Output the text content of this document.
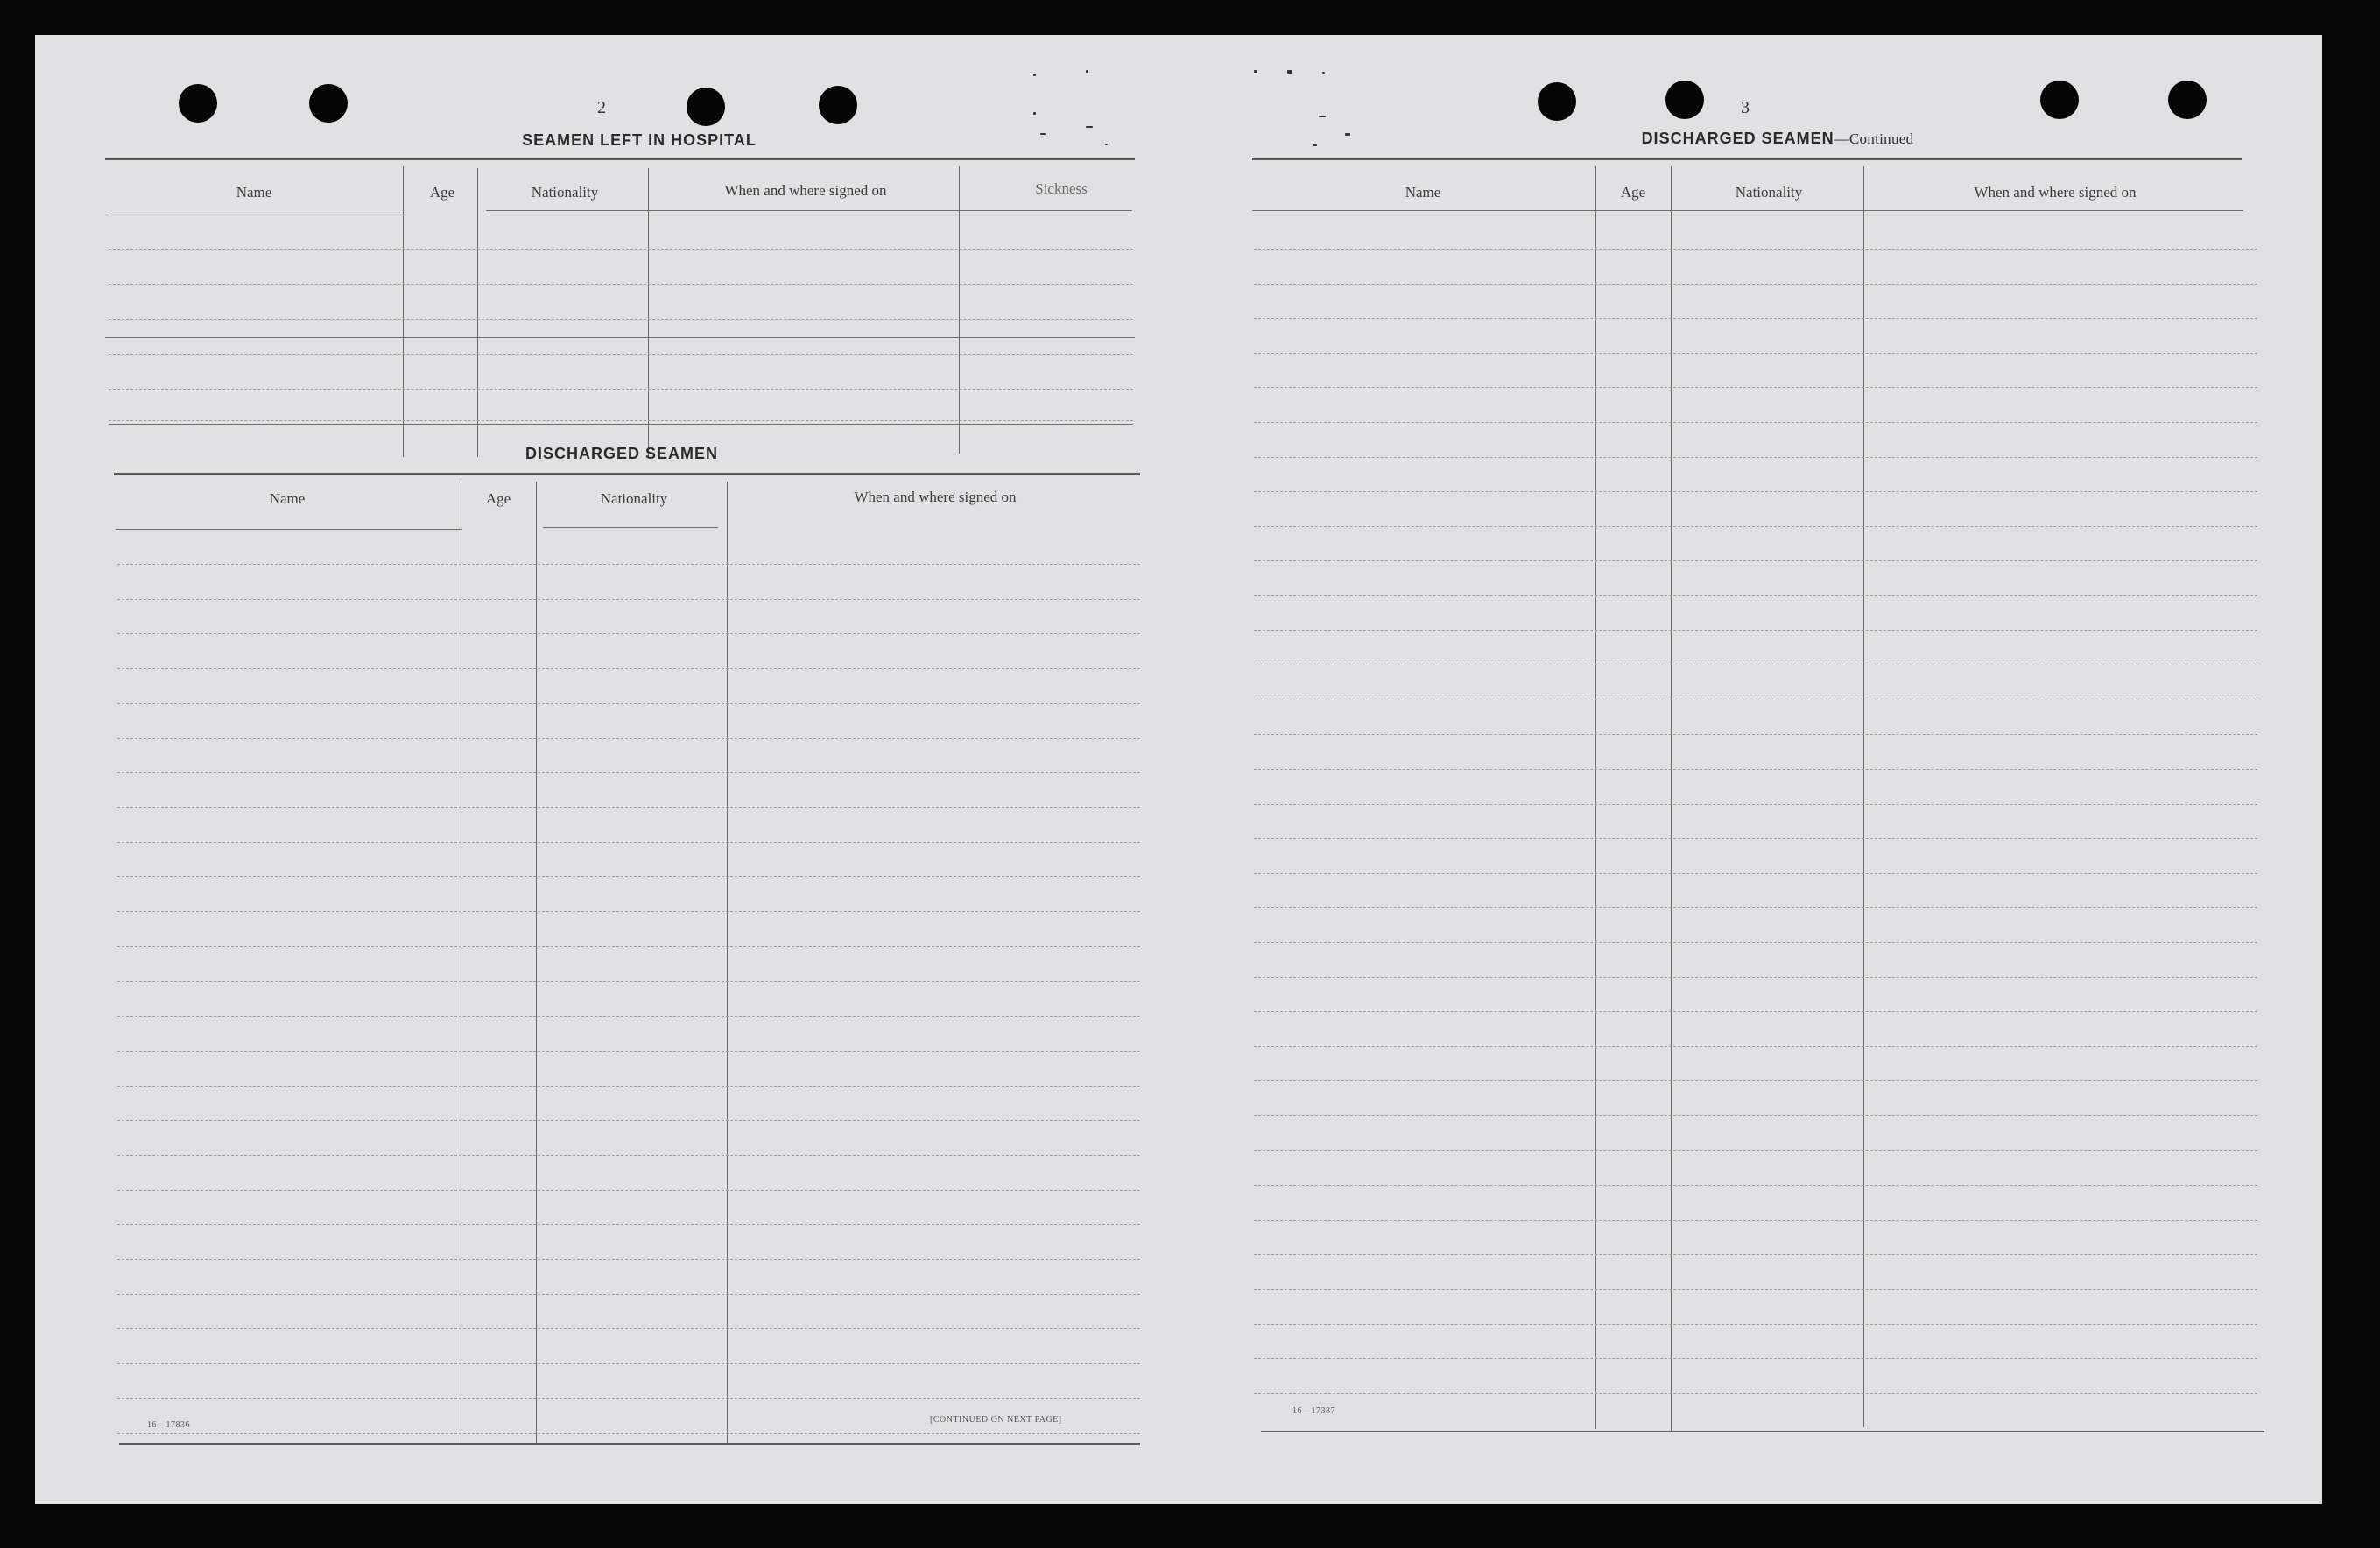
2
SEAMEN LEFT IN HOSPITAL
Name	Age	Nationality	When and where signed on	Sickness
DISCHARGED SEAMEN
Name	Age	Nationality	When and where signed on
16—17836
[CONTINUED ON NEXT PAGE]
3
DISCHARGED SEAMEN—Continued
Name	Age	Nationality	When and where signed on
16—17387
